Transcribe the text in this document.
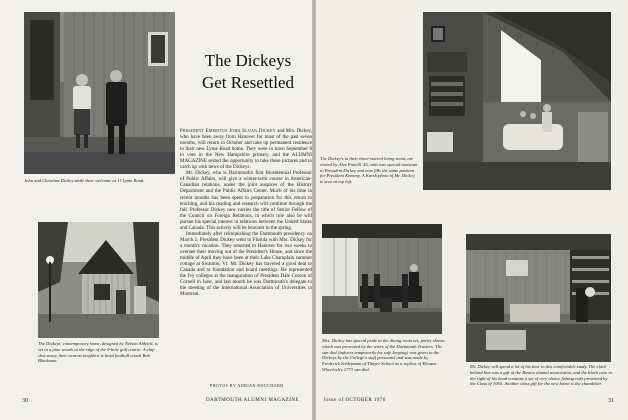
John and Christina Dickey smile their welcome at 11 Lyme Road.

The Dickeys' contemporary home, designed by Nelson Aldrich, is set in a pine woods at the edge of the 9-hole golf course. A chip shot away, their nearest neighbor is head football coach Bob Blackman.

The Dickeys
Get Resettled

President Emeritus John Sloan Dickey and Mrs. Dickey, who have been away from Hanover for most of the past seven months, will return in October and take up permanent residence in their new Lyme Road home. They were in town September 8 to vote in the New Hampshire primary, and the ALUMNI MAGAZINE seized the opportunity to take these pictures and to catch up with news of the Dickeys.

Mr. Dickey, who is Dartmouth's first Bicentennial Professor of Public Affairs, will give a winter-term course in American-Canadian relations, under the joint auspices of the History Department and the Public Affairs Center. Much of his time in recent months has been spent in preparation for this return to teaching, and his reading and research will continue through the fall. Professor Dickey now carries the title of Senior Fellow of the Council on Foreign Relations, in which role also he will pursue his special interest in relations between the United States and Canada. This activity will be heaviest in the spring.

Immediately after relinquishing the Dartmouth presidency on March 1, President Dickey went to Florida with Mrs. Dickey for a month's vacation. They returned to Hanover for two weeks to oversee their moving out of the President's House, and since the middle of April they have been at their Lake Champlain summer cottage at Swanton, Vt. Mr. Dickey has traveled a good deal to Canada and to foundation and board meetings. He represented the Ivy colleges at the inauguration of President Dale Corson of Cornell in June, and last month he was Dartmouth's delegate to the meeting of the International Association of Universities in Montreal.

PHOTOS BY ADRIAN BOUCHARD

30	DARTMOUTH ALUMNI MAGAZINE

The Dickey's in their three-storied living room, are visited by Alex Fanelli '42, who was special assistant to President Dickey and now fills the same position for President Kemeny. A Karsh photo of Mr. Dickey is seen at top left.

Mrs. Dickey has special pride in the dining room set, partly shown, which was presented by the wives of the Dartmouth Trustees. The sun dial (indoors temporarily for safe keeping) was given to the Dickeys by the College's staff personnel and was made by Frederick Schlepman of Thayer School as a replica of Eleazar Wheelock's 1773 sun dial.

Mr. Dickey will spend a lot of his time in this comfortable study. The clock behind him was a gift of the Boston alumni association, and the black case to the right of his head contains a set of very choice fishing rods presented by the Class of 1950. Another class gift for the new home is the chandelier.

Issue of OCTOBER 1970	31
